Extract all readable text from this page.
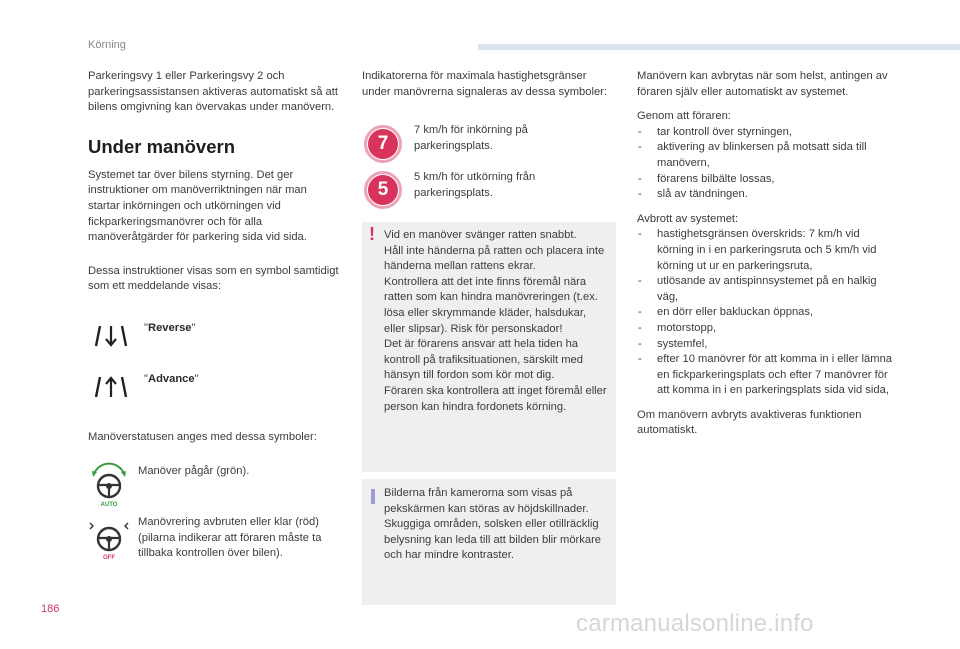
Körning

Parkeringsvy 1 eller Parkeringsvy 2 och parkeringsassistansen aktiveras automatiskt så att bilens omgivning kan övervakas under manövern.

Under manövern

Systemet tar över bilens styrning. Det ger instruktioner om manöverriktningen när man startar inkörningen och utkörningen vid fickparkeringsmanövrer och för alla manöveråtgärder för parkering sida vid sida.

Dessa instruktioner visas som en symbol samtidigt som ett meddelande visas:

"Reverse"
"Advance"

Manöverstatusen anges med dessa symboler:

AUTO
Manöver pågår (grön).
OFF
Manövrering avbruten eller klar (röd) (pilarna indikerar att föraren måste ta tillbaka kontrollen över bilen).

Indikatorerna för maximala hastighetsgränser under manövrerna signaleras av dessa symboler:

7

7 km/h för inkörning på parkeringsplats.

5

5 km/h för utkörning från parkeringsplats.

! Vid en manöver svänger ratten snabbt.

Håll inte händerna på ratten och placera inte händerna mellan rattens ekrar.

Kontrollera att det inte finns föremål nära ratten som kan hindra manövreringen (t.ex. lösa eller skrymmande kläder, halsdukar, eller slipsar). Risk för personskador!

Det är förarens ansvar att hela tiden ha kontroll på trafiksituationen, särskilt med hänsyn till fordon som kör mot dig.

Föraren ska kontrollera att inget föremål eller person kan hindra fordonets körning.

Bilderna från kamerorna som visas på pekskärmen kan störas av höjdskillnader. Skuggiga områden, solsken eller otillräcklig belysning kan leda till att bilden blir mörkare och har mindre kontraster.

Manövern kan avbrytas när som helst, antingen av föraren själv eller automatiskt av systemet.

Genom att föraren:

- tar kontroll över styrningen,
- aktivering av blinkersen på motsatt sida till manövern,
- förarens bilbälte lossas,
- slå av tändningen.

Avbrott av systemet:

- hastighetsgränsen överskrids: 7 km/h vid körning in i en parkeringsruta och 5 km/h vid körning ut ur en parkeringsruta,
- utlösande av antispinnsystemet på en halkig väg,
- en dörr eller bakluckan öppnas,
- motorstopp,
- systemfel,
- efter 10 manövrer för att komma in i eller lämna en fickparkeringsplats och efter 7 manövrer för att komma in i en parkeringsplats sida vid sida,

Om manövern avbryts avaktiveras funktionen automatiskt.

186
carmanualsonline.info
